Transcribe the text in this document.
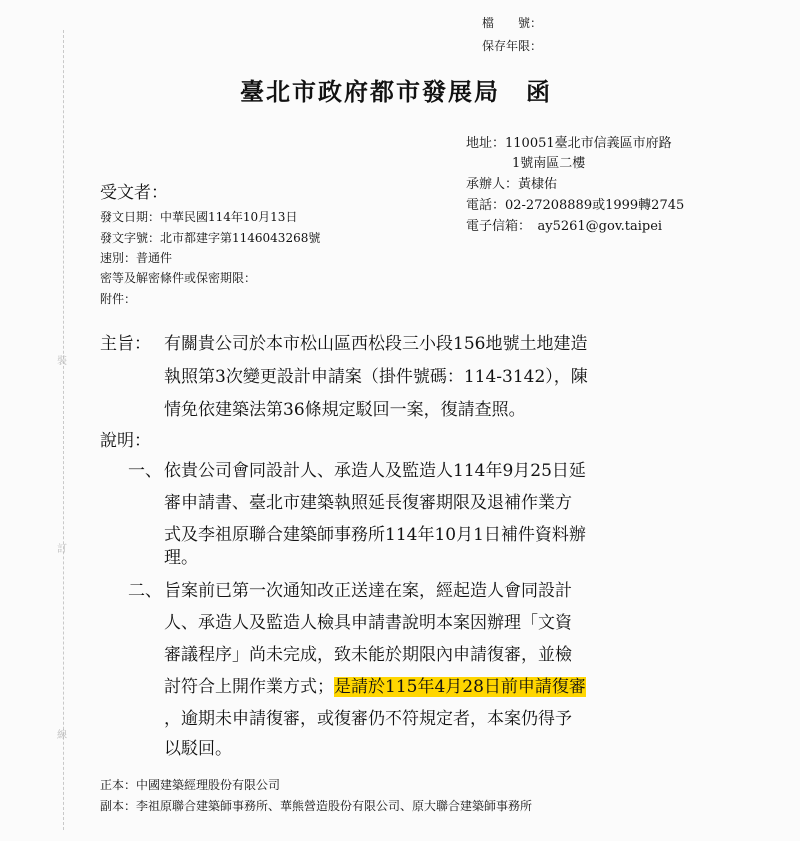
裝
訂
線
檔　　號：
保存年限：
臺北市政府都市發展局　函
地址：110051臺北市信義區市府路
1號南區二樓
承辦人：黃棣佑
電話：02-27208889或1999轉2745
電子信箱：　ay5261@gov.taipei
受文者：
發文日期：中華民國114年10月13日
發文字號：北市都建字第1146043268號
速別：普通件
密等及解密條件或保密期限：
附件：
主旨： 有關貴公司於本市松山區西松段三小段156地號土地建造
執照第3次變更設計申請案（掛件號碼：114-3142），陳
情免依建築法第36條規定駁回一案，復請查照。
說明：
一、 依貴公司會同設計人、承造人及監造人114年9月25日延
審申請書、臺北市建築執照延長復審期限及退補作業方
式及李祖原聯合建築師事務所114年10月1日補件資料辦
理。
二、 旨案前已第一次通知改正送達在案，經起造人會同設計
人、承造人及監造人檢具申請書說明本案因辦理「文資
審議程序」尚未完成，致未能於期限內申請復審，並檢
討符合上開作業方式；是請於115年4月28日前申請復審
，逾期未申請復審，或復審仍不符規定者，本案仍得予
以駁回。
正本：中國建築經理股份有限公司
副本：李祖原聯合建築師事務所、華熊營造股份有限公司、原大聯合建築師事務所
